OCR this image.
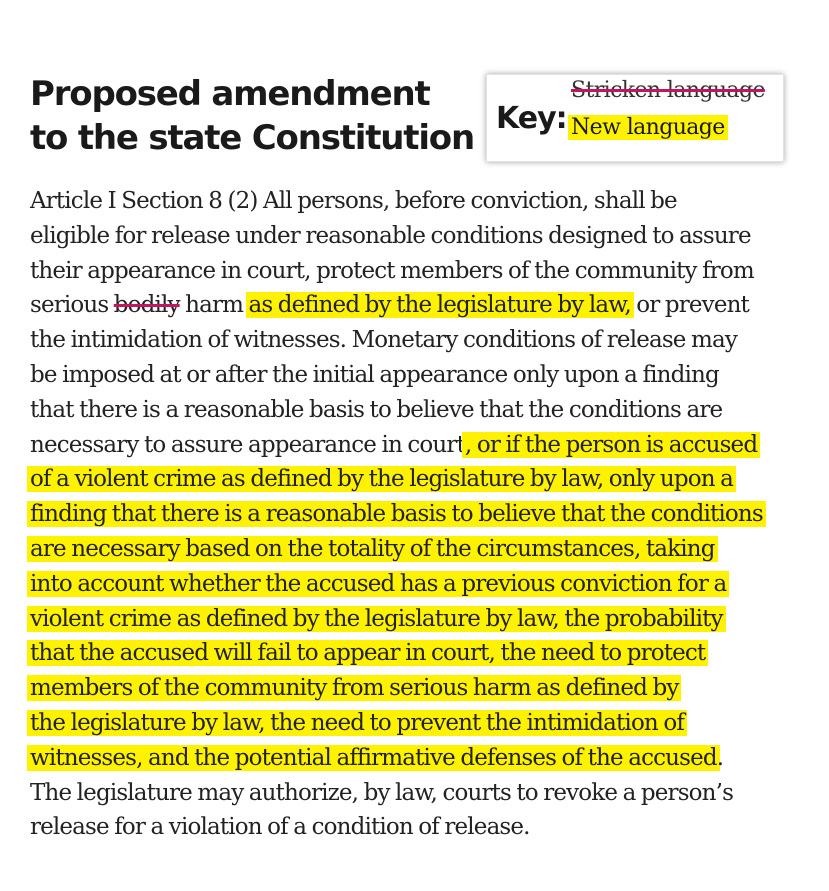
Proposed amendment
to the state Constitution Key:
Stricken language
New language
Article I Section 8 (2) All persons, before conviction, shall be
eligible for release under reasonable conditions designed to assure
their appearance in court, protect members of the community from
serious bodily harm as defined by the legislature by law, or prevent
the intimidation of witnesses. Monetary conditions of release may
be imposed at or after the initial appearance only upon a finding
that there is a reasonable basis to believe that the conditions are
necessary to assure appearance in court, or if the person is accused
of a violent crime as defined by the legislature by law, only upon a
finding that there is a reasonable basis to believe that the conditions
are necessary based on the totality of the circumstances, taking
into account whether the accused has a previous conviction for a
violent crime as defined by the legislature by law, the probability
that the accused will fail to appear in court, the need to protect
members of the community from serious harm as defined by
the legislature by law, the need to prevent the intimidation of
witnesses, and the potential affirmative defenses of the accused.
The legislature may authorize, by law, courts to revoke a person’s
release for a violation of a condition of release.
